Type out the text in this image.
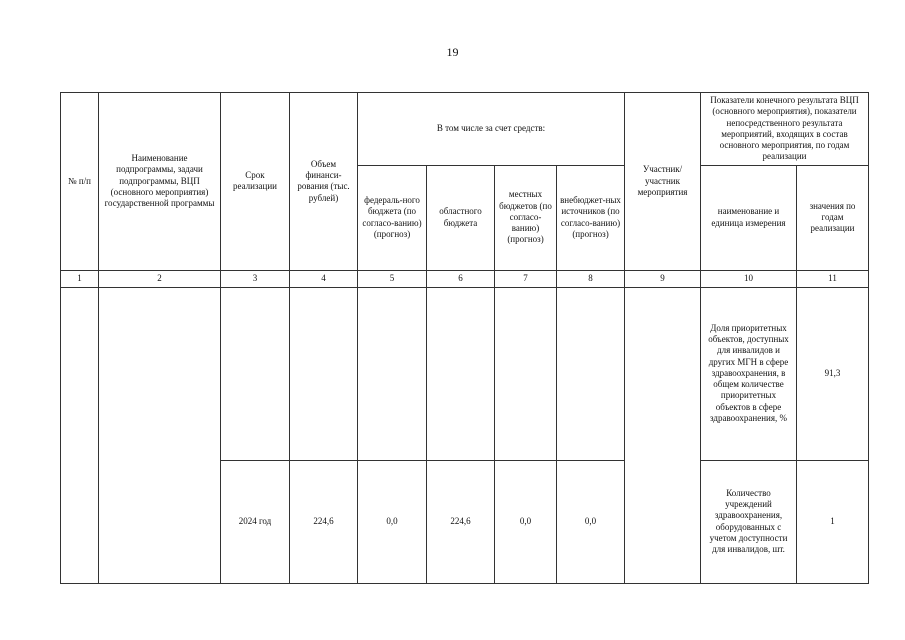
19
№ п/п	Наименование подпрограммы, задачи подпрограммы, ВЦП (основного мероприятия) государственной программы	Срок реализации	Объем финанси-рования (тыс. рублей)	В том числе за счет средств:				Участник/ участник мероприятия	Показатели конечного результата ВЦП (основного мероприятия), показатели непосредственного результата мероприятий, входящих в состав основного мероприятия, по годам реализации	
				федераль-ного бюджета (по согласо-ванию) (прогноз)	областного бюджета	местных бюджетов (по согласо-ванию) (прогноз)	внебюджет-ных источников (по согласо-ванию) (прогноз)		наименование и единица измерения	значения по годам реализации
1	2	3	4	5	6	7	8	9	10	11
									Доля приоритетных объектов, доступных для инвалидов и других МГН в сфере здравоохранения, в общем количестве приоритетных объектов в сфере здравоохранения, %	91,3
		2024 год	224,6	0,0	224,6	0,0	0,0		Количество учреждений здравоохранения, оборудованных с учетом доступности для инвалидов, шт.	1
